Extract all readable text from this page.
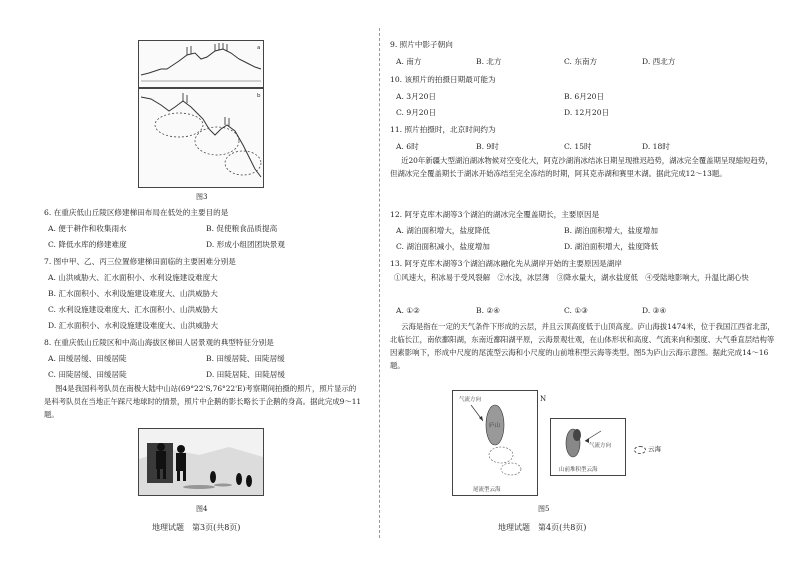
a
b
图3
6. 在重庆低山丘陵区修建梯田布局在低处的主要目的是
A. 便于耕作和收集雨水	B. 促使粮食品质提高
C. 降低水库的修建难度	D. 形成小组团团块景观
7. 图中甲、乙、丙三位置修建梯田面临的主要困难分别是
A. 山洪威胁大、汇水面积小、水利设施建设难度大
B. 汇水面积小、水利设施建设难度大、山洪威胁大
C. 水利设施建设难度大、汇水面积小、山洪威胁大
D. 汇水面积小、水利设施建设难度大、山洪威胁大
8. 在重庆低山丘陵区和中高山海拔区梯田人居景观的典型特征分别是
A. 田缓居缓、田缓居陡	B. 田缓居陡、田陡居缓
C. 田陡居缓、田缓居陡	D. 田陡居陡、田陡居缓
图4是我国科考队员在南极大陆中山站(69°22'S,76°22'E)考察期间拍摄的照片，照片显示的是科考队员在当地正午踩尺地球时的情景，照片中企鹅的影长略长于企鹅的身高。据此完成9～11题。
图4
地理试题　第3页(共8页)
9. 照片中影子朝向
A. 南方	B. 北方	C. 东南方	D. 西北方
10. 该照片的拍摄日期最可能为
A. 3月20日	B. 6月20日
C. 9月20日	D. 12月20日
11. 照片拍摄时，北京时间约为
A. 6时	B. 9时	C. 15时	D. 18时
近20年新疆大型湖泊湖冰物候对空变化大，阿克沙湖消冰结冰日期呈现推迟趋势，湖冰完全覆盖期呈现缩短趋势，但湖冰完全覆盖期长于湖冰开始冻结至完全冻结的时期，阿其克赤湖和赛里木湖。据此完成12～13题。
12. 阿牙克库木湖等3个湖泊的湖冰完全覆盖期长，主要原因是
A. 湖泊面积增大，盐度降低	B. 湖泊面积增大，盐度增加
C. 湖泊面积减小，盐度增加	D. 湖泊面积增大，盐度降低
13. 阿牙克库木湖等3个湖泊湖冰融化先从湖岸开始的主要原因是湖岸
①风速大，积冰易于受风裂解　②水浅，冰层薄　③降水量大，湖水盐度低　④受陆地影响大，升温比湖心快
A. ①②	B. ②④	C. ①③	D. ③④
云海是指在一定的天气条件下形成的云层，并且云顶高度低于山顶高度。庐山海拔1474米，位于我国江西省北部，北临长江，南依鄱阳湖，东南近鄱阳湖平原，云海景观壮观，在山体形状和高度、气流来向和强度、大气垂直层结构等因素影响下，形成中尺度的尾流型云海和小尺度的山前堆积型云海等类型。图5为庐山云海示意图。据此完成14～16题。
气流方向
庐山
尾流型云海
N
气流方向
山前堆积型云海
云海
图5
地理试题　第4页(共8页)
